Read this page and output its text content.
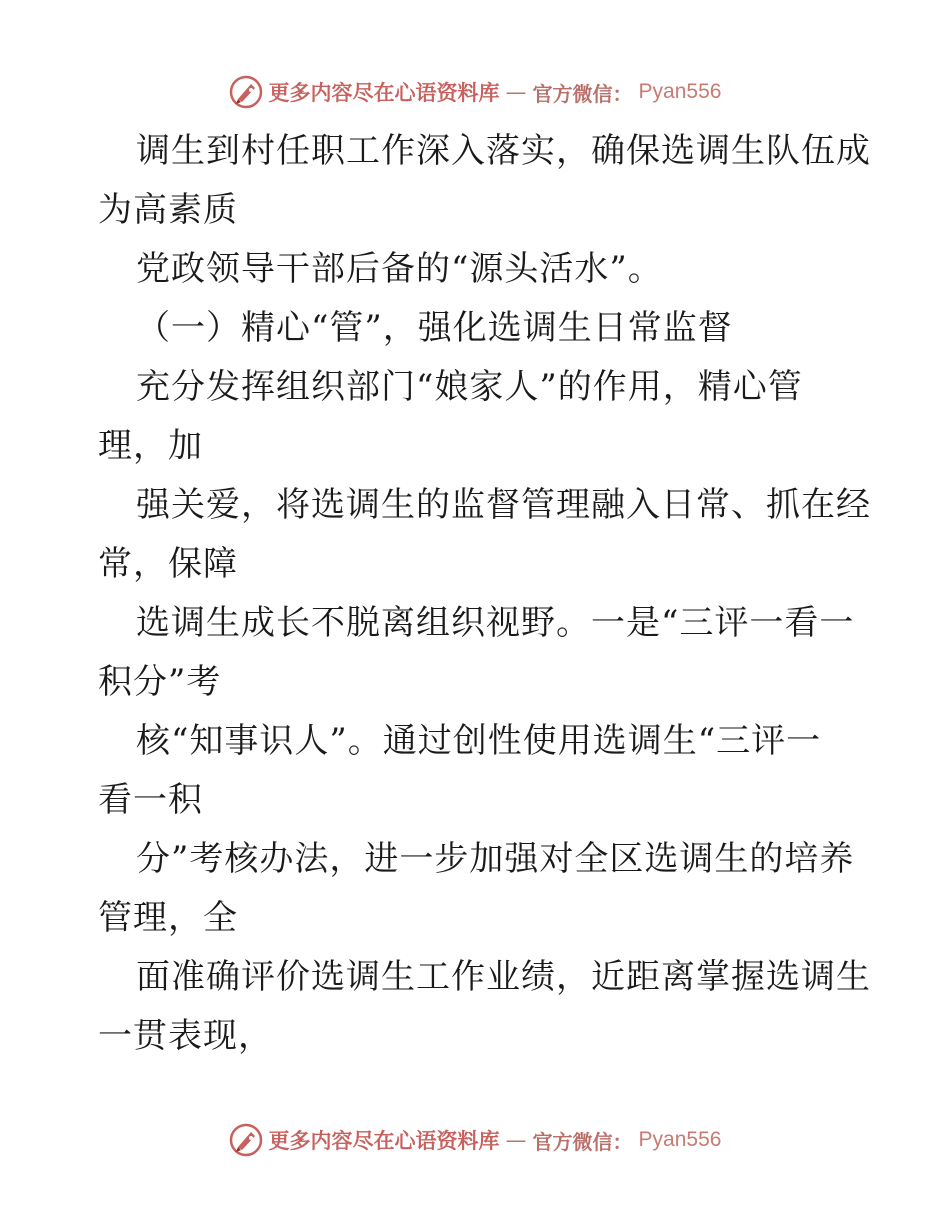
更多内容尽在心语资料库 — 官方微信： Pyan556
调生到村任职工作深入落实，确保选调生队伍成
为高素质
党政领导干部后备的“源头活水”。
（一）精心“管”，强化选调生日常监督
充分发挥组织部门“娘家人”的作用，精心管
理，加
强关爱，将选调生的监督管理融入日常、抓在经
常，保障
选调生成长不脱离组织视野。一是“三评一看一
积分”考
核“知事识人”。通过创性使用选调生“三评一
看一积
分”考核办法，进一步加强对全区选调生的培养
管理，全
面准确评价选调生工作业绩，近距离掌握选调生
一贯表现，
更多内容尽在心语资料库 — 官方微信： Pyan556
